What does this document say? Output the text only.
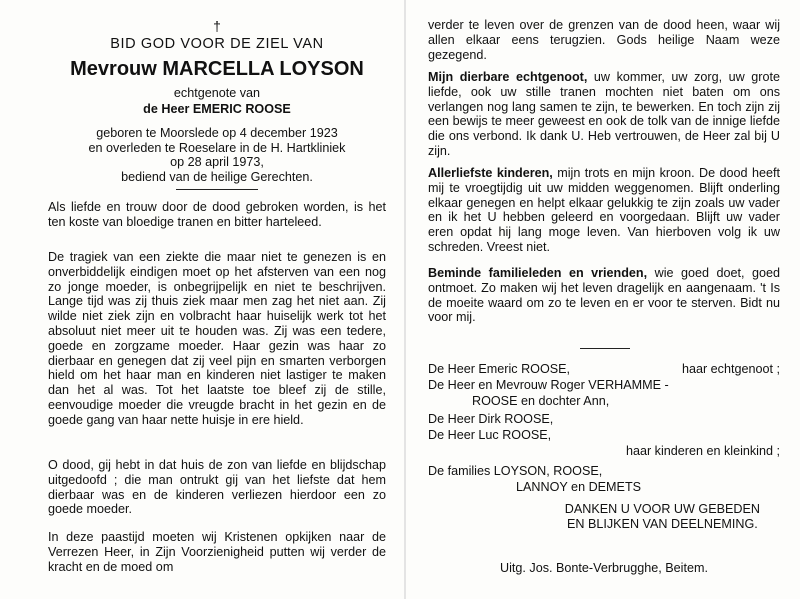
†
BID GOD VOOR DE ZIEL VAN
Mevrouw MARCELLA LOYSON
echtgenote van
de Heer EMERIC ROOSE
geboren te Moorslede op 4 december 1923
en overleden te Roeselare in de H. Hartkliniek
op 28 april 1973,
bediend van de heilige Gerechten.

Als liefde en trouw door de dood gebroken worden, is het ten koste van bloedige tranen en bitter harteleed.

De tragiek van een ziekte die maar niet te genezen is en onverbiddelijk eindigen moet op het afsterven van een nog zo jonge moeder, is onbegrijpelijk en niet te beschrijven. Lange tijd was zij thuis ziek maar men zag het niet aan. Zij wilde niet ziek zijn en volbracht haar huiselijk werk tot het absoluut niet meer uit te houden was. Zij was een tedere, goede en zorgzame moeder. Haar gezin was haar zo dierbaar en genegen dat zij veel pijn en smarten verborgen hield om het haar man en kinderen niet lastiger te maken dan het al was. Tot het laatste toe bleef zij de stille, eenvoudige moeder die vreugde bracht in het gezin en de goede gang van haar nette huisje in ere hield.

O dood, gij hebt in dat huis de zon van liefde en blijdschap uitgedoofd ; die man ontrukt gij van het liefste dat hem dierbaar was en de kinderen verliezen hierdoor een zo goede moeder.

In deze paastijd moeten wij Kristenen opkijken naar de Verrezen Heer, in Zijn Voorzienigheid putten wij verder de kracht en de moed om

verder te leven over de grenzen van de dood heen, waar wij allen elkaar eens terugzien. Gods heilige Naam weze gezegend.

Mijn dierbare echtgenoot, uw kommer, uw zorg, uw grote liefde, ook uw stille tranen mochten niet baten om ons verlangen nog lang samen te zijn, te bewerken. En toch zijn zij een bewijs te meer geweest en ook de tolk van de innige liefde die ons verbond. Ik dank U. Heb vertrouwen, de Heer zal bij U zijn.

Allerliefste kinderen, mijn trots en mijn kroon. De dood heeft mij te vroegtijdig uit uw midden weggenomen. Blijft onderling elkaar genegen en helpt elkaar gelukkig te zijn zoals uw vader en ik het U hebben geleerd en voorgedaan. Blijft uw vader eren opdat hij lang moge leven. Van hierboven volg ik uw schreden. Vreest niet.

Beminde familieleden en vrienden, wie goed doet, goed ontmoet. Zo maken wij het leven dragelijk en aangenaam. 't Is de moeite waard om zo te leven en er voor te sterven. Bidt nu voor mij.

De Heer Emeric ROOSE,	haar echtgenoot ;
De Heer en Mevrouw Roger VERHAMME -
ROOSE en dochter Ann,
De Heer Dirk ROOSE,
De Heer Luc ROOSE,
haar kinderen en kleinkind ;
De families LOYSON, ROOSE,
LANNOY en DEMETS
DANKEN U VOOR UW GEBEDEN
EN BLIJKEN VAN DEELNEMING.
Uitg. Jos. Bonte-Verbrugghe, Beitem.
